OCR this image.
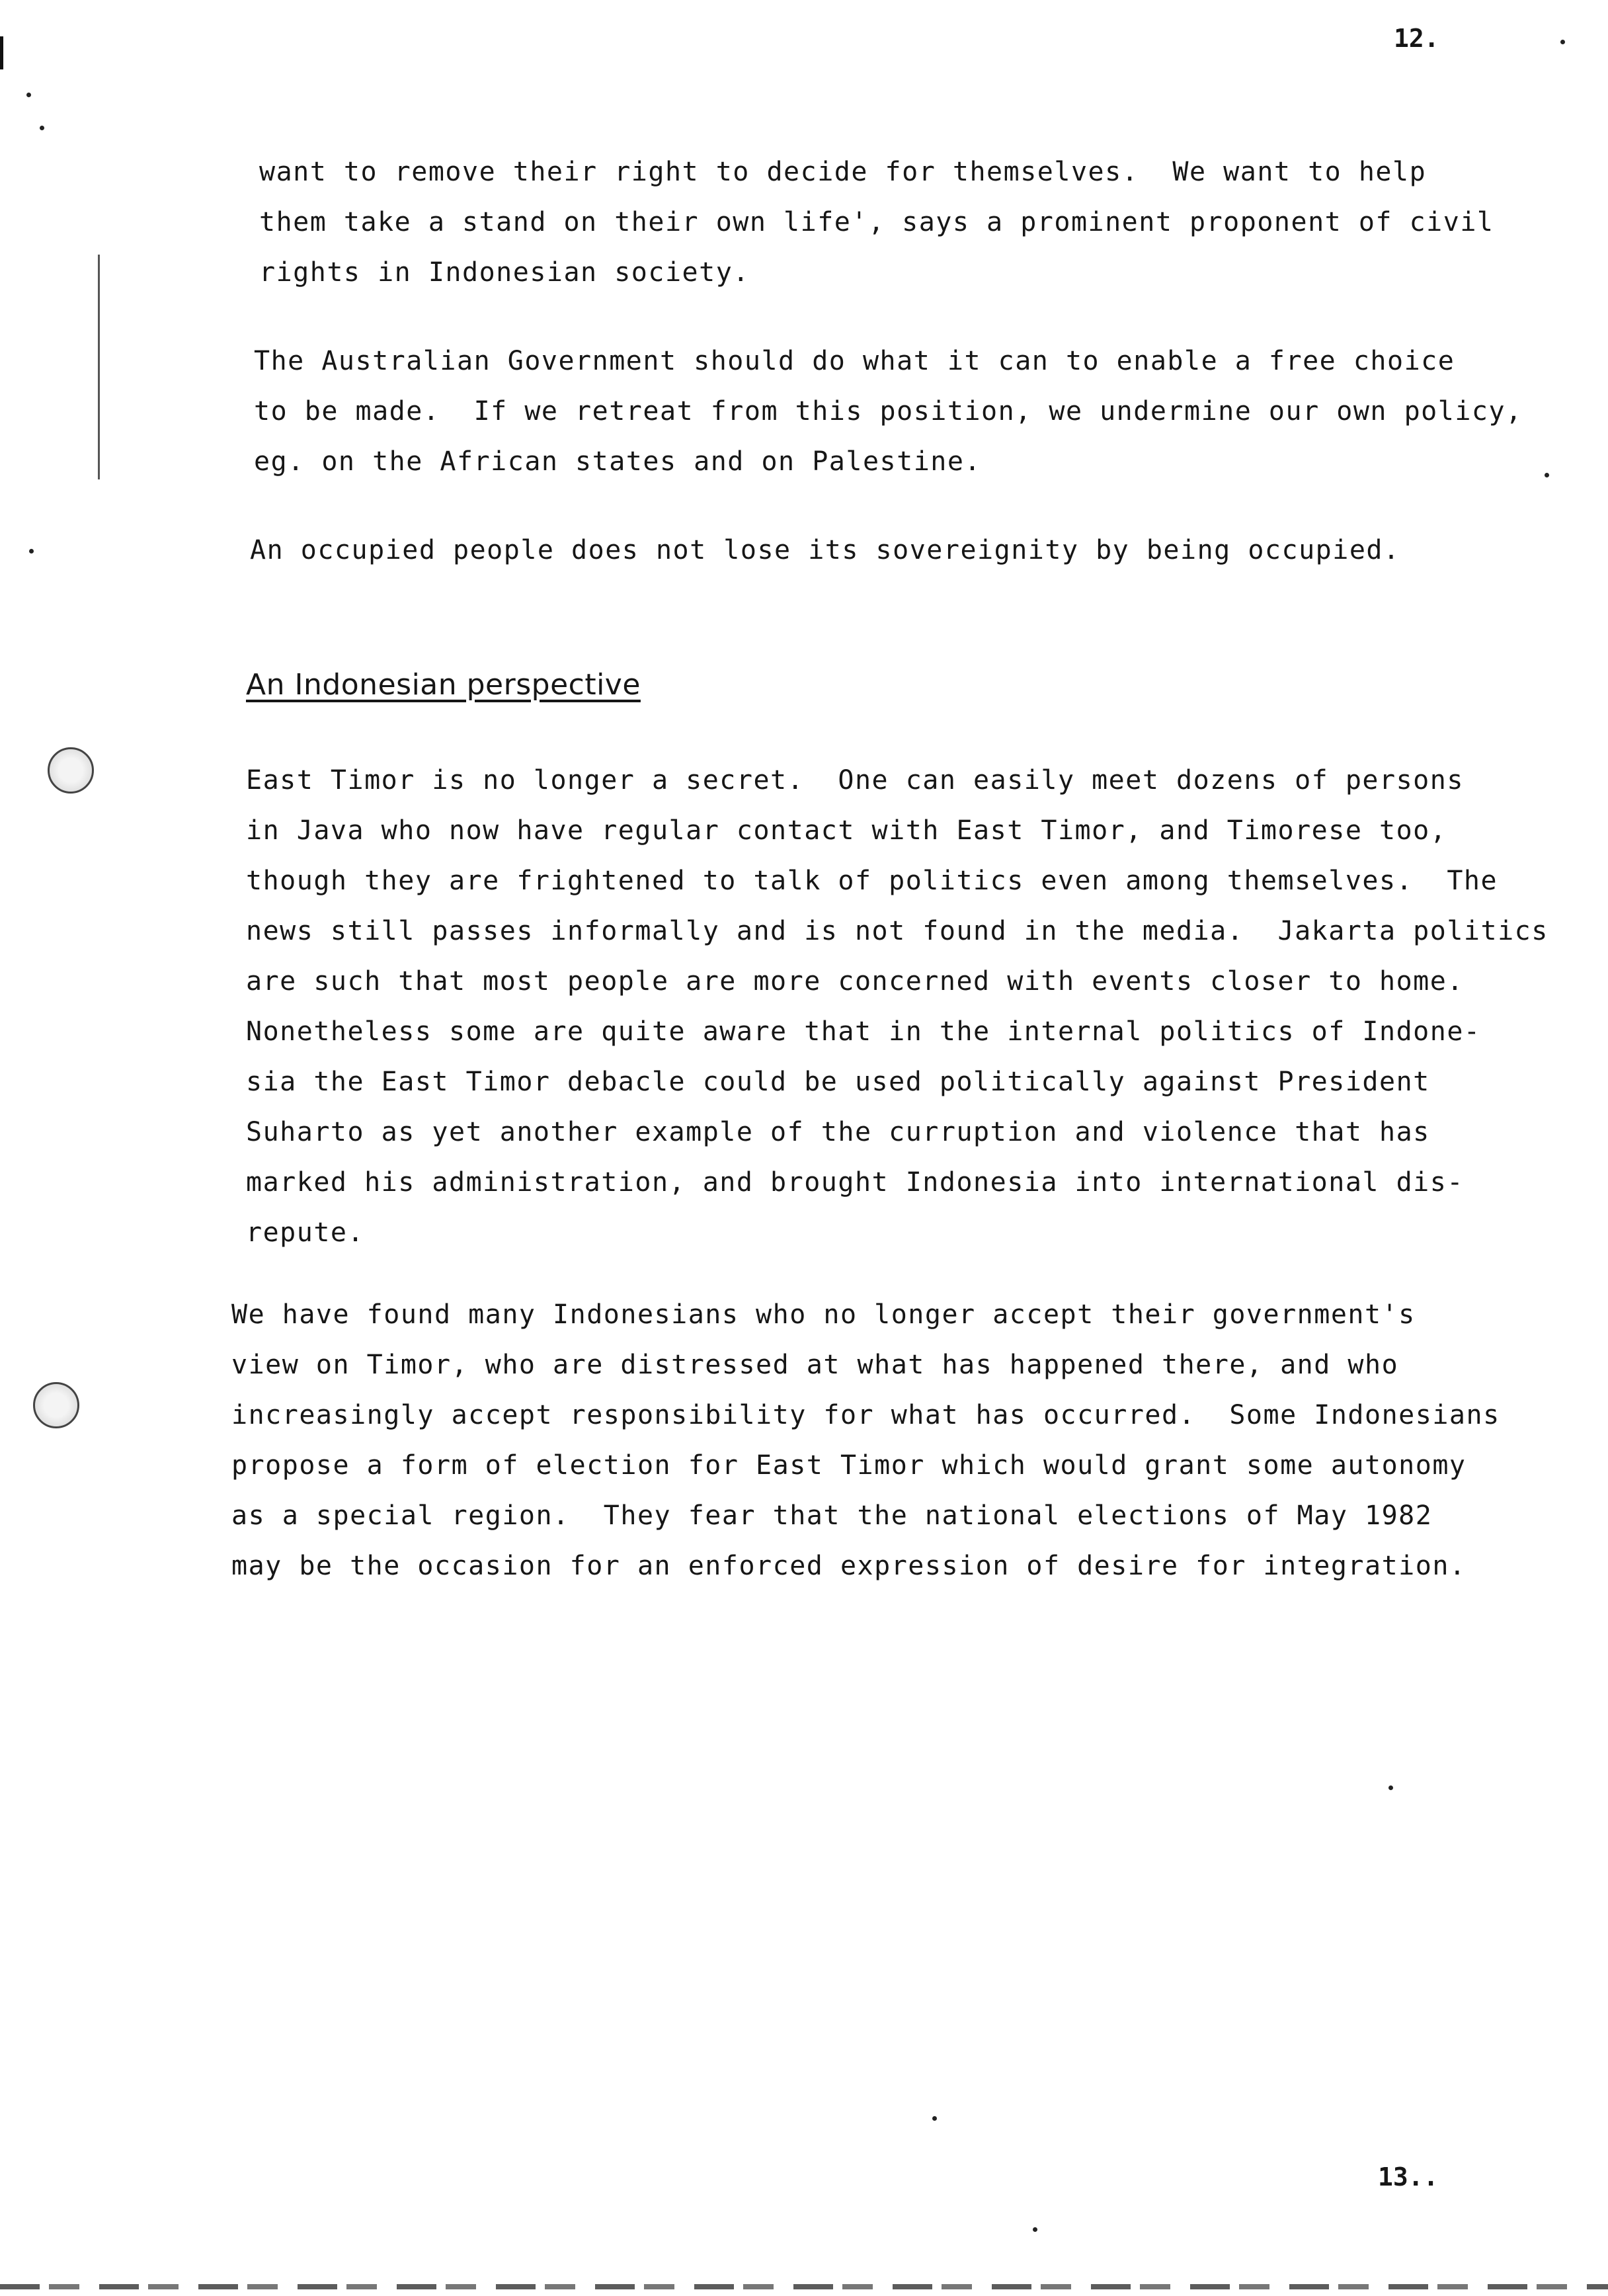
12.
want to remove their right to decide for themselves.  We want to help
them take a stand on their own life', says a prominent proponent of civil
rights in Indonesian society.
The Australian Government should do what it can to enable a free choice
to be made.  If we retreat from this position, we undermine our own policy,
eg. on the African states and on Palestine.
An occupied people does not lose its sovereignity by being occupied.
An Indonesian perspective
East Timor is no longer a secret.  One can easily meet dozens of persons
in Java who now have regular contact with East Timor, and Timorese too,
though they are frightened to talk of politics even among themselves.  The
news still passes informally and is not found in the media.  Jakarta politics
are such that most people are more concerned with events closer to home.
Nonetheless some are quite aware that in the internal politics of Indone-
sia the East Timor debacle could be used politically against President
Suharto as yet another example of the curruption and violence that has
marked his administration, and brought Indonesia into international dis-
repute.
We have found many Indonesians who no longer accept their government's
view on Timor, who are distressed at what has happened there, and who
increasingly accept responsibility for what has occurred.  Some Indonesians
propose a form of election for East Timor which would grant some autonomy
as a special region.  They fear that the national elections of May 1982
may be the occasion for an enforced expression of desire for integration.
13..
